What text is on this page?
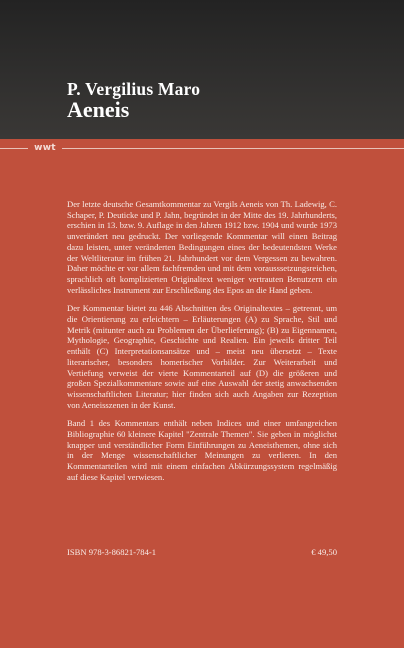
P. Vergilius Maro
Aeneis
wwt

Der letzte deutsche Gesamtkommentar zu Vergils Aeneis von Th. Ladewig, C. Schaper, P. Deuticke und P. Jahn, begründet in der Mitte des 19. Jahrhunderts, erschien in 13. bzw. 9. Auflage in den Jahren 1912 bzw. 1904 und wurde 1973 unverändert neu gedruckt. Der vorliegende Kommentar will einen Beitrag dazu leisten, unter veränderten Bedingungen eines der bedeutendsten Werke der Weltliteratur im frühen 21. Jahrhundert vor dem Vergessen zu bewahren. Daher möchte er vor allem fachfremden und mit dem vorausssetzungsreichen, sprachlich oft komplizierten Originaltext weniger vertrauten Benutzern ein verlässliches Instrument zur Erschließung des Epos an die Hand geben.

Der Kommentar bietet zu 446 Abschnitten des Originaltextes – getrennt, um die Orientierung zu erleichtern – Erläuterungen (A) zu Sprache, Stil und Metrik (mitunter auch zu Problemen der Überlieferung); (B) zu Eigennamen, Mythologie, Geographie, Geschichte und Realien. Ein jeweils dritter Teil enthält (C) Interpretationsansätze und – meist neu übersetzt – Texte literarischer, besonders homerischer Vorbilder. Zur Weiterarbeit und Vertiefung verweist der vierte Kommentarteil auf (D) die größeren und großen Spezialkommentare sowie auf eine Auswahl der stetig anwachsenden wissenschaftlichen Literatur; hier finden sich auch Angaben zur Rezeption von Aeneisszenen in der Kunst.

Band 1 des Kommentars enthält neben Indices und einer umfangreichen Bibliographie 60 kleinere Kapitel "Zentrale Themen". Sie geben in möglichst knapper und verständlicher Form Einführungen zu Aeneisthemen, ohne sich in der Menge wissenschaftlicher Meinungen zu verlieren. In den Kommentarteilen wird mit einem einfachen Abkürzungssystem regelmäßig auf diese Kapitel verwiesen.

ISBN 978-3-86821-784-1	€ 49,50
